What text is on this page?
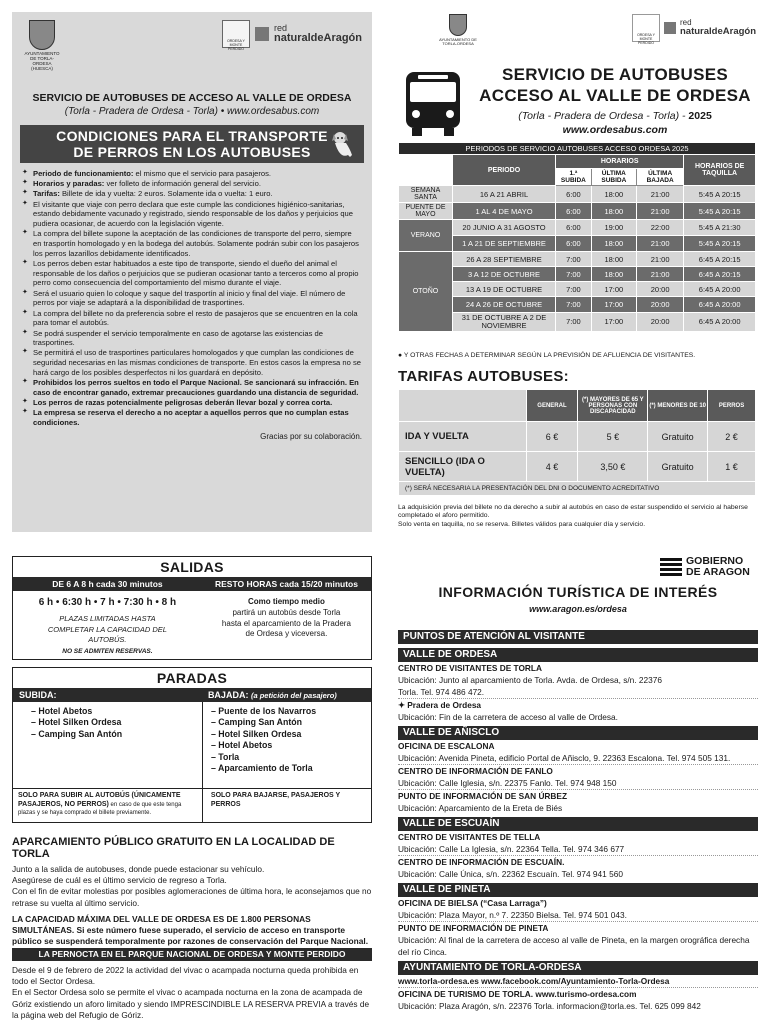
AYUNTAMIENTO DE TORLA-ORDESA (HUESCA)
ORDESA Y MONTE PERDIDO
red
naturaldeAragón
SERVICIO DE AUTOBUSES DE ACCESO AL VALLE DE ORDESA
(Torla - Pradera de Ordesa - Torla) • www.ordesabus.com
CONDICIONES PARA EL TRANSPORTE
DE PERROS EN LOS AUTOBUSES
✦ Periodo de funcionamiento: el mismo que el servicio para pasajeros.
✦ Horarios y paradas: ver folleto de información general del servicio.
✦ Tarifas: Billete de ida y vuelta: 2 euros. Solamente ida o vuelta: 1 euro.
✦ El visitante que viaje con perro declara que este cumple las condiciones higiénico-sanitarias, estando debidamente vacunado y registrado, siendo responsable de los daños y perjuicios que pudiera ocasionar, de acuerdo con la legislación vigente.
✦ La compra del billete supone la aceptación de las condiciones de transporte del perro, siempre en trasportín homologado y en la bodega del autobús. Solamente podrán subir con los pasajeros los perros lazarillos debidamente identificados.
✦ Los perros deben estar habituados a este tipo de transporte, siendo el dueño del animal el responsable de los daños o perjuicios que se pudieran ocasionar tanto a terceros como al propio perro como consecuencia del comportamiento del mismo durante el viaje.
✦ Será el usuario quien lo coloque y saque del trasportín al inicio y final del viaje. El número de perros por viaje se adaptará a la disponibilidad de trasportines.
✦ La compra del billete no da preferencia sobre el resto de pasajeros que se encuentren en la cola para tomar el autobús.
✦ Se podrá suspender el servicio temporalmente en caso de agotarse las existencias de trasportines.
✦ Se permitirá el uso de trasportines particulares homologados y que cumplan las condiciones de seguridad necesarias en las mismas condiciones de transporte. En estos casos la empresa no se hará cargo de los posibles desperfectos ni los guardará en depósito.
✦ Prohibidos los perros sueltos en todo el Parque Nacional. Se sancionará su infracción. En caso de encontrar ganado, extremar precauciones guardando una distancia de seguridad.
✦ Los perros de razas potencialmente peligrosas deberán llevar bozal y correa corta.
✦ La empresa se reserva el derecho a no aceptar a aquellos perros que no cumplan estas condiciones.
Gracias por su colaboración.
AYUNTAMIENTO DE TORLA-ORDESA
ORDESA Y MONTE PERDIDO
red
naturaldeAragón
SERVICIO DE AUTOBUSES
ACCESO AL VALLE DE ORDESA
(Torla - Pradera de Ordesa - Torla) - 2025
www.ordesabus.com
PERIODOS DE SERVICIO AUTOBUSES ACCESO ORDESA 2025					
	PERIODO	HORARIOS			HORARIOS DE TAQUILLA
		1.ª SUBIDA	ÚLTIMA SUBIDA	ÚLTIMA BAJADA	
SEMANA SANTA	16 A 21 ABRIL	6:00	18:00	21:00	5:45 A 20:15
PUENTE DE MAYO	1 AL 4 DE MAYO	6:00	18:00	21:00	5:45 A 20:15
VERANO	20 JUNIO A 31 AGOSTO	6:00	19:00	22:00	5:45 A 21:30
	1 A 21 DE SEPTIEMBRE	6:00	18:00	21:00	5:45 A 20:15
OTOÑO	26 A 28 SEPTIEMBRE	7:00	18:00	21:00	6:45 A 20:15
	3 A 12 DE OCTUBRE	7:00	18:00	21:00	6:45 A 20:15
	13 A 19 DE OCTUBRE	7:00	17:00	20:00	6:45 A 20:00
	24 A 26 DE OCTUBRE	7:00	17:00	20:00	6:45 A 20:00
	31 DE OCTUBRE A 2 DE NOVIEMBRE	7:00	17:00	20:00	6:45 A 20:00
● Y OTRAS FECHAS A DETERMINAR SEGÚN LA PREVISIÓN DE AFLUENCIA DE VISITANTES.
TARIFAS AUTOBUSES:
	GENERAL	(*) MAYORES DE 65 Y PERSONAS CON DISCAPACIDAD	(*) MENORES DE 10	PERROS
IDA Y VUELTA	6 €	5 €	Gratuito	2 €
SENCILLO (IDA O VUELTA)	4 €	3,50 €	Gratuito	1 €
(*) SERÁ NECESARIA LA PRESENTACIÓN DEL DNI O DOCUMENTO ACREDITATIVO				
La adquisición previa del billete no da derecho a subir al autobús en caso de estar suspendido el servicio al haberse completado el aforo permitido.
Solo venta en taquilla, no se reserva. Billetes válidos para cualquier día y servicio.
SALIDAS
DE 6 A 8 h cada 30 minutos	RESTO HORAS cada 15/20 minutos
6 h • 6:30 h • 7 h • 7:30 h • 8 h
PLAZAS LIMITADAS HASTA COMPLETAR LA CAPACIDAD DEL AUTOBÚS.
NO SE ADMITEN RESERVAS.
Como tiempo medio
partirá un autobús desde Torla hasta el aparcamiento de la Pradera de Ordesa y viceversa.
PARADAS
SUBIDA:	BAJADA: (a petición del pasajero)
– Hotel Abetos
– Hotel Silken Ordesa
– Camping San Antón
– Puente de los Navarros
– Camping San Antón
– Hotel Silken Ordesa
– Hotel Abetos
– Torla
– Aparcamiento de Torla
SOLO PARA SUBIR AL AUTOBÚS (ÚNICAMENTE PASAJEROS, NO PERROS) en caso de que este tenga plazas y se haya comprado el billete previamente.
SOLO PARA BAJARSE, PASAJEROS Y PERROS
APARCAMIENTO PÚBLICO GRATUITO EN LA LOCALIDAD DE TORLA
Junto a la salida de autobuses, donde puede estacionar su vehículo.
Asegúrese de cuál es el último servicio de regreso a Torla.
Con el fin de evitar molestias por posibles aglomeraciones de última hora, le aconsejamos que no retrase su vuelta al último servicio.
LA CAPACIDAD MÁXIMA DEL VALLE DE ORDESA ES DE 1.800 PERSONAS SIMULTÁNEAS. Si este número fuese superado, el servicio de acceso en transporte público se suspenderá temporalmente por razones de conservación del Parque Nacional.
LA PERNOCTA EN EL PARQUE NACIONAL DE ORDESA Y MONTE PERDIDO
Desde el 9 de febrero de 2022 la actividad del vivac o acampada nocturna queda prohibida en todo el Sector Ordesa.
En el Sector Ordesa solo se permite el vivac o acampada nocturna en la zona de acampada de Góriz existiendo un aforo limitado y siendo IMPRESCINDIBLE LA RESERVA PREVIA a través de la página web del Refugio de Góriz.
GOBIERNO
DE ARAGON
INFORMACIÓN TURÍSTICA DE INTERÉS
www.aragon.es/ordesa
PUNTOS DE ATENCIÓN AL VISITANTE
VALLE DE ORDESA
CENTRO DE VISITANTES DE TORLA
Ubicación: Junto al aparcamiento de Torla. Avda. de Ordesa, s/n. 22376
Torla. Tel. 974 486 472.
✦ Pradera de Ordesa
Ubicación: Fin de la carretera de acceso al valle de Ordesa.
VALLE DE AÑISCLO
OFICINA DE ESCALONA
Ubicación: Avenida Pineta, edificio Portal de Añisclo, 9. 22363 Escalona. Tel. 974 505 131.
CENTRO DE INFORMACIÓN DE FANLO
Ubicación: Calle Iglesia, s/n. 22375 Fanlo. Tel. 974 948 150
PUNTO DE INFORMACIÓN DE SAN ÚRBEZ
Ubicación: Aparcamiento de la Ereta de Biés
VALLE DE ESCUAÍN
CENTRO DE VISITANTES DE TELLA
Ubicación: Calle La Iglesia, s/n. 22364 Tella. Tel. 974 346 677
CENTRO DE INFORMACIÓN DE ESCUAÍN.
Ubicación: Calle Única, s/n. 22362 Escuaín. Tel. 974 941 560
VALLE DE PINETA
OFICINA DE BIELSA (“Casa Larraga”)
Ubicación: Plaza Mayor, n.º 7. 22350 Bielsa. Tel. 974 501 043.
PUNTO DE INFORMACIÓN DE PINETA
Ubicación: Al final de la carretera de acceso al valle de Pineta, en la margen orográfica derecha del río Cinca.
AYUNTAMIENTO DE TORLA-ORDESA
www.torla-ordesa.es www.facebook.com/Ayuntamiento-Torla-Ordesa
OFICINA DE TURISMO DE TORLA. www.turismo-ordesa.com
Ubicación: Plaza Aragón, s/n. 22376 Torla. informacion@torla.es. Tel. 625 099 842
